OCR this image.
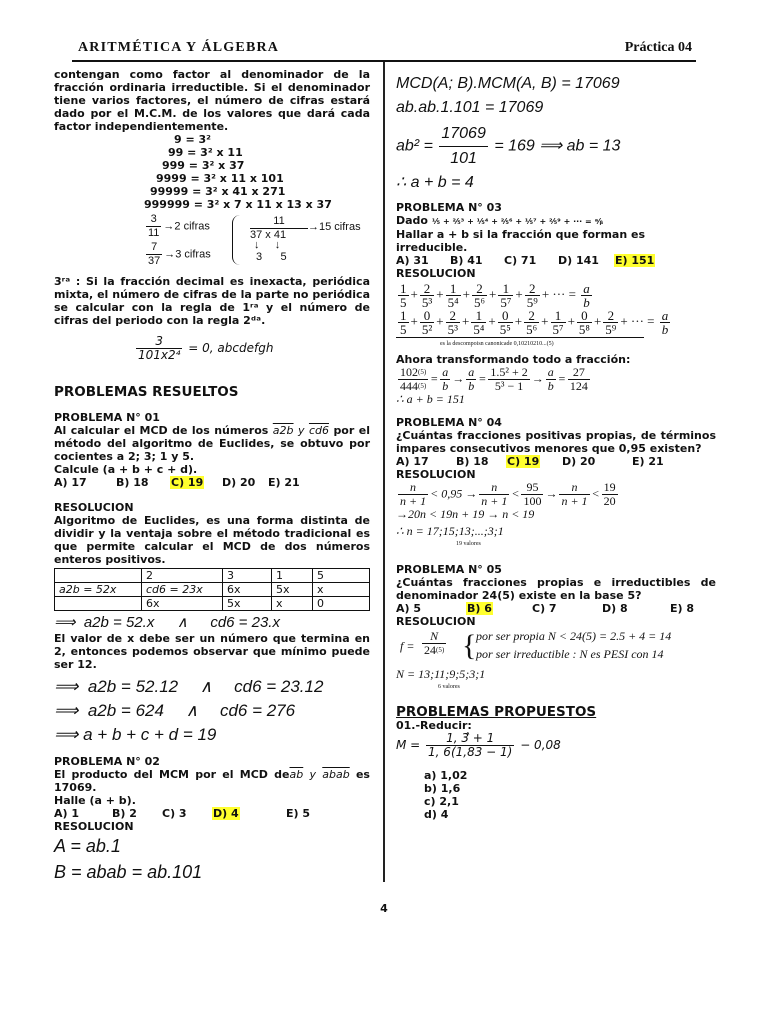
ARITMÉTICA Y ÁLGEBRA	Práctica 04
contengan como factor al denominador de la fracción ordinaria irreductible. Si el denominador tiene varios factores, el número de cifras estará dado por el M.C.M. de los valores que dará cada factor independientemente.
9 = 3²
99 = 3² x 11
999 = 3² x 37
9999 = 3² x 11 x 101
99999 = 3² x 41 x 271
999999 = 3² x 7 x 11 x 13 x 37
$\frac{3}{11} \to 2$ cifras
$\frac{7}{37} \to 3$ cifras
11
37 x 41
↓     ↓
3 5
→15 cifras
3ʳᵃ : Si la fracción decimal es inexacta, periódica mixta, el número de cifras de la parte no periódica se calcular con la regla de 1ʳᵃ y el número de cifras del periodo con la regla 2ᵈᵃ.
$\frac{3}{\text{101x2⁴}} = 0$, abcdefgh
PROBLEMAS RESUELTOS
PROBLEMA N° 01
Al calcular el MCD de los números a2b y cd6 por el método del algoritmo de Euclides, se obtuvo por cocientes a 2; 3; 1 y 5.
Calcule (a + b + c + d).
A) 17	B) 18 C) 19 D) 20 E) 21
RESOLUCION
Algoritmo de Euclides, es una forma distinta de dividir y la ventaja sobre el método tradicional es que permite calcular el MCD de dos números enteros positivos.
	2	3	1	5
a2b = 52x	cd6 = 23x	6x	5x	x
	6x	5x	x	0
⟹  a2b = 52.x ∧ cd6 = 23.x
El valor de x debe ser un número que termina en 2, entonces podemos observar que mínimo puede ser 12.
⟹  a2b = 52.12 ∧ cd6 = 23.12
⟹  a2b = 624 ∧ cd6 = 276
⟹ a + b + c + d = 19
PROBLEMA N° 02
El producto del MCM por el MCD $de\overline{ab}$ y abab es 17069.
Halle (a + b).
A) 1	B) 2 C) 3 D) 4	E) 5
RESOLUCION
A = ab.1
B = abab = ab.101
MCD(A; B).MCM(A, B) = 17069
ab.ab.1.101 = 17069
$ab^2 = \frac{17069}{101} = 169$ ⟹ ab = 13
∴ a + b = 4
PROBLEMA N° 03
Dado ¹⁄₅ + ²⁄₅³ + ¹⁄₅⁴ + ²⁄₅⁶ + ¹⁄₅⁷ + ²⁄₅⁹ + ··· = ᵃ⁄ᵦ
Hallar a + b si la fracción que forman es irreducible.
A) 31 B) 41 C) 71 D) 141 E) 151
RESOLUCION
$\frac{1}{5} + \frac{2}{\text{5³}} + \frac{1}{\text{5⁴}} + \frac{2}{\text{5⁶}} + \frac{1}{\text{5⁷}} + \frac{2}{\text{5⁹}}$ + ··· = $\frac{a}{b}$
$\frac{1}{5} + \frac{0}{\text{5²}} + \frac{2}{\text{5³}} + \frac{1}{\text{5⁴}} + \frac{0}{\text{5⁵}} + \frac{2}{\text{5⁶}} + \frac{1}{\text{5⁷}} + \frac{0}{\text{5⁸}} + \frac{2}{\text{5⁹}}$ + ··· = $\frac{a}{b}$
es la descompoisn canonicade 0,10210210...(5)
Ahora transformando todo a fracción:
$\frac{102^{(5)}}{444^{(5)}} = \frac{a}{b} \to \frac{a}{b} = \frac{\text{1.5² + 2}}{\text{5³ − 1}} \to \frac{a}{b} = \frac{27}{124}$
∴ a + b = 151
PROBLEMA N° 04
¿Cuántas fracciones positivas propias, de términos impares consecutivos menores que 0,95 existen?
A) 17 B) 18 C) 19 D) 20	E) 21
RESOLUCION
$\frac{n}{n + 1} < 0,95 \to \frac{n}{n + 1} < \frac{95}{100} \to \frac{n}{n + 1} < \frac{19}{20}$
→20n < 19n + 19 → n < 19
∴ n = 17;15;13;...;3;1
19 valores
PROBLEMA N° 05
¿Cuántas fracciones propias e irreductibles de denominador 24(5) existe en la base 5?
A) 5	B) 6	C) 7	D) 8	E) 8
RESOLUCION
$f = \frac{N}{24^{(5)}}$ { por ser propia N < 24(5) = 2.5 + 4 = 14
por ser irreductible : N es PESI con 14
N = 13;11;9;5;3;1
6 valores
PROBLEMAS PROPUESTOS
01.-Reducir:
$M = \frac{1, 3̂ + 1}{1, 6(1,83 - 1)} - 0,08$
a) 1,02
b) 1,6
c) 2,1
d) 4
4
